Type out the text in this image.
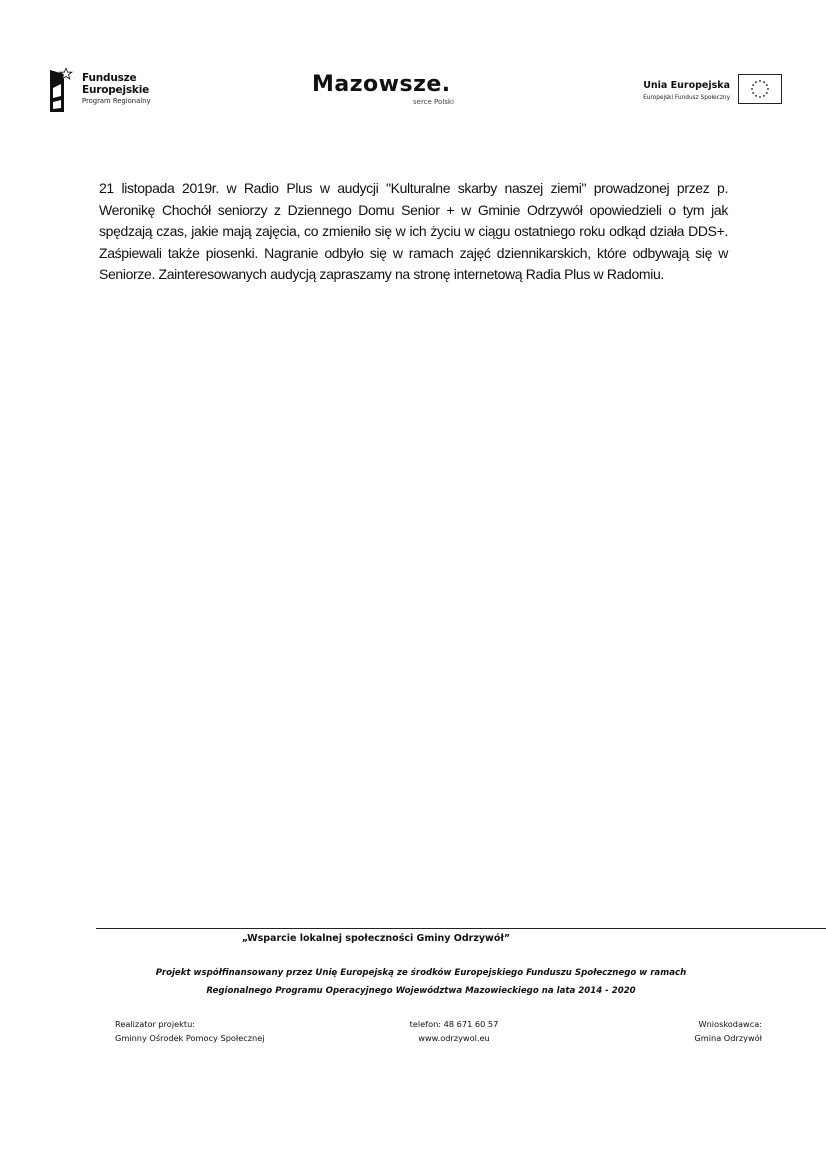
Fundusze
Europejskie
Program Regionalny
Mazowsze.
serce Polski
Unia Europejska
Europejski Fundusz Społeczny

21 listopada 2019r. w Radio Plus w audycji "Kulturalne skarby naszej ziemi" prowadzonej przez p. Weronikę Chochół seniorzy z Dziennego Domu Senior + w Gminie Odrzywół opowiedzieli o tym jak spędzają czas, jakie mają zajęcia, co zmieniło się w ich życiu w ciągu ostatniego roku odkąd działa DDS+. Zaśpiewali także piosenki. Nagranie odbyło się w ramach zajęć dziennikarskich, które odbywają się w Seniorze. Zainteresowanych audycją zapraszamy na stronę internetową Radia Plus w Radomiu.

„Wsparcie lokalnej społeczności Gminy Odrzywół”
Projekt współfinansowany przez Unię Europejską ze środków Europejskiego Funduszu Społecznego w ramach
Regionalnego Programu Operacyjnego Województwa Mazowieckiego na lata 2014 - 2020
Realizator projektu:
Gminny Ośrodek Pomocy Społecznej
telefon: 48 671 60 57
www.odrzywol.eu
Wnioskodawca:
Gmina Odrzywół
